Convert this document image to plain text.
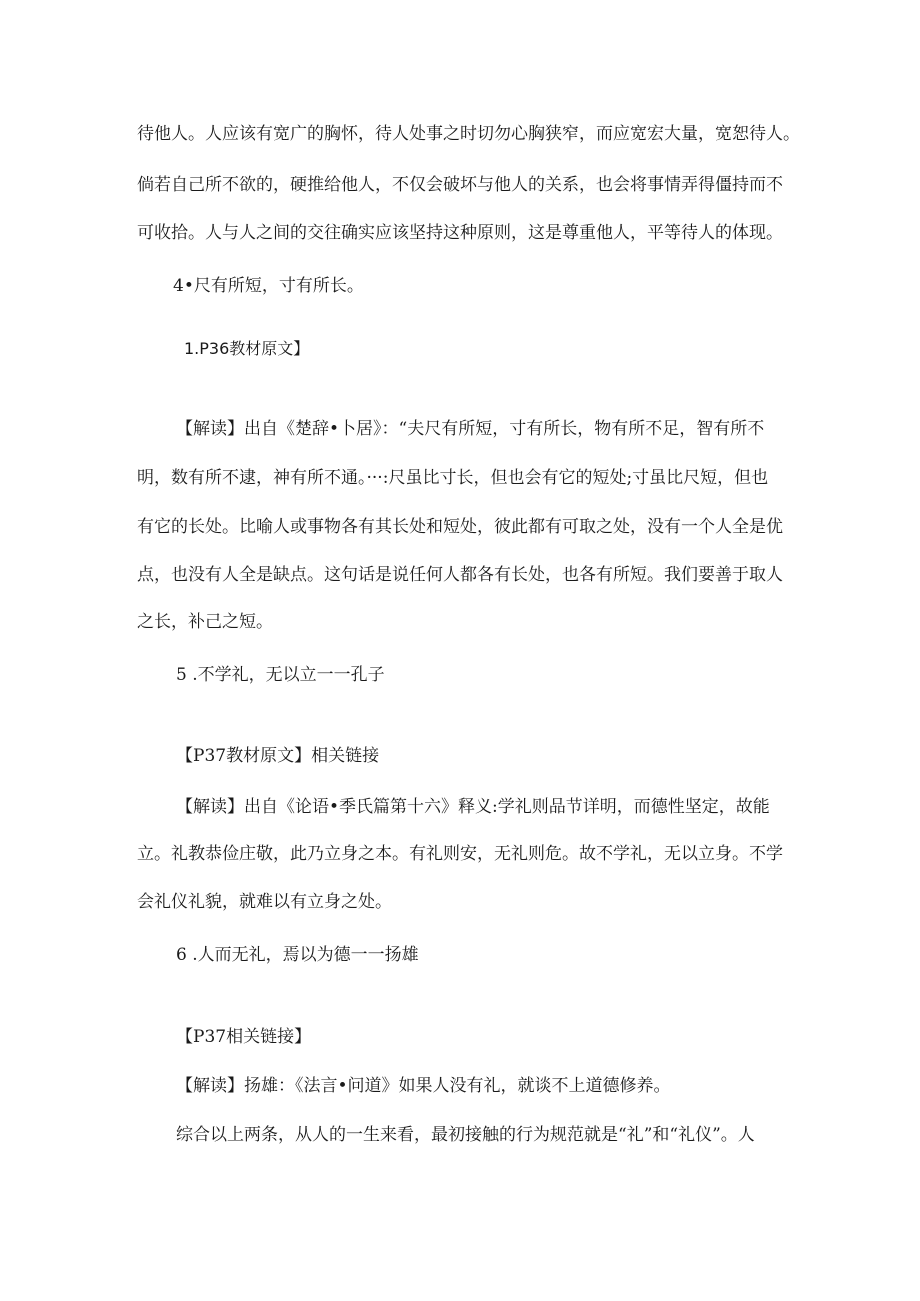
待他人。人应该有宽广的胸怀，待人处事之时切勿心胸狭窄，而应宽宏大量，宽恕待人。
倘若自己所不欲的，硬推给他人，不仅会破坏与他人的关系，也会将事情弄得僵持而不
可收拾。人与人之间的交往确实应该坚持这种原则，这是尊重他人，平等待人的体现。
4•尺有所短，寸有所长。
1.P36教材原文】
【解读】出自《楚辞•卜居》：“夫尺有所短，寸有所长，物有所不足，智有所不
明，数有所不逮，神有所不通。···:尺虽比寸长，但也会有它的短处;寸虽比尺短，但也
有它的长处。比喻人或事物各有其长处和短处，彼此都有可取之处，没有一个人全是优
点，也没有人全是缺点。这句话是说任何人都各有长处，也各有所短。我们要善于取人
之长，补己之短。
5 .不学礼，无以立一一孔子
【P37教材原文】相关链接
【解读】出自《论语•季氏篇第十六》释义:学礼则品节详明，而德性坚定，故能
立。礼教恭俭庄敬，此乃立身之本。有礼则安，无礼则危。故不学礼，无以立身。不学
会礼仪礼貌，就难以有立身之处。
6 .人而无礼，焉以为德一一扬雄
【P37相关链接】
【解读】扬雄：《法言•问道》如果人没有礼，就谈不上道德修养。
综合以上两条，从人的一生来看，最初接触的行为规范就是“礼”和“礼仪”。人
